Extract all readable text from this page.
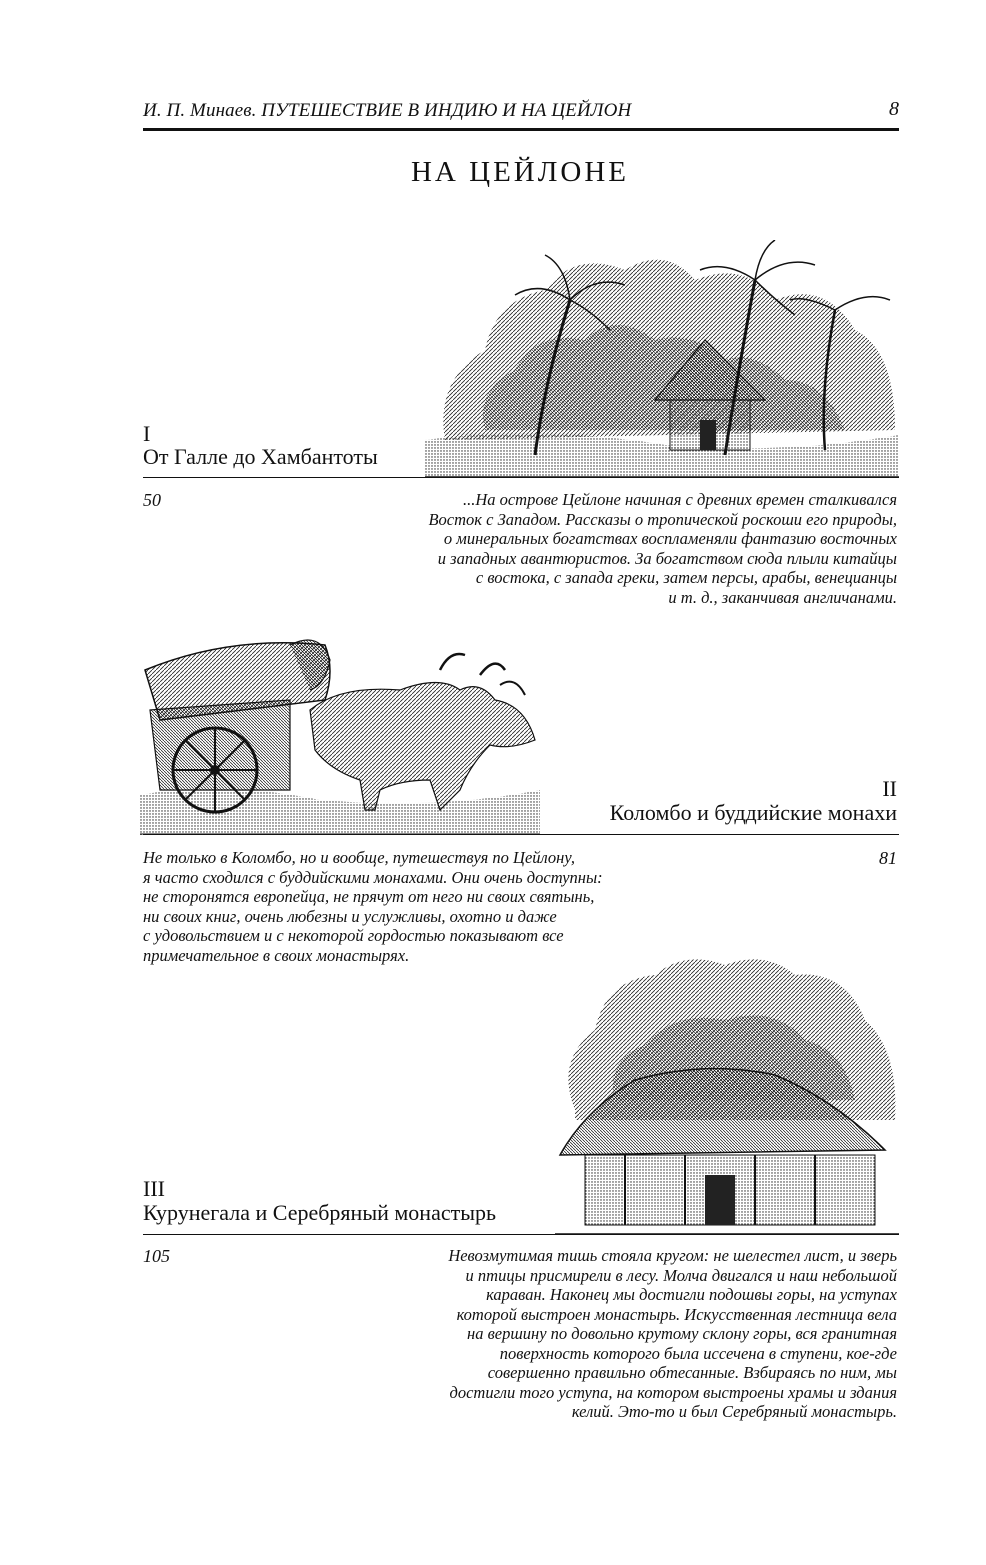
И. П. Минаев. ПУТЕШЕСТВИЕ В ИНДИЮ И НА ЦЕЙЛОН	8
НА ЦЕЙЛОНЕ
I
От Галле до Хамбантоты
50	...На острове Цейлоне начиная с древних времен сталкивался
Восток с Западом. Рассказы о тропической роскоши его природы,
о минеральных богатствах воспламеняли фантазию восточных
и западных авантюристов. За богатством сюда плыли китайцы
с востока, с запада греки, затем персы, арабы, венецианцы
и т. д., заканчивая англичанами.
II
Коломбо и буддийские монахи
81
Не только в Коломбо, но и вообще, путешествуя по Цейлону,
я часто сходился с буддийскими монахами. Они очень доступны:
не сторонятся европейца, не прячут от него ни своих святынь,
ни своих книг, очень любезны и услужливы, охотно и даже
с удовольствием и с некоторой гордостью показывают все
примечательное в своих монастырях.
III
Курунегала и Серебряный монастырь
105	Невозмутимая тишь стояла кругом: не шелестел лист, и зверь
и птицы присмирели в лесу. Молча двигался и наш небольшой
караван. Наконец мы достигли подошвы горы, на уступах
которой выстроен монастырь. Искусственная лестница вела
на вершину по довольно крутому склону горы, вся гранитная
поверхность которого была иссечена в ступени, кое-где
совершенно правильно обтесанные. Взбираясь по ним, мы
достигли того уступа, на котором выстроены храмы и здания
келий. Это-то и был Серебряный монастырь.
